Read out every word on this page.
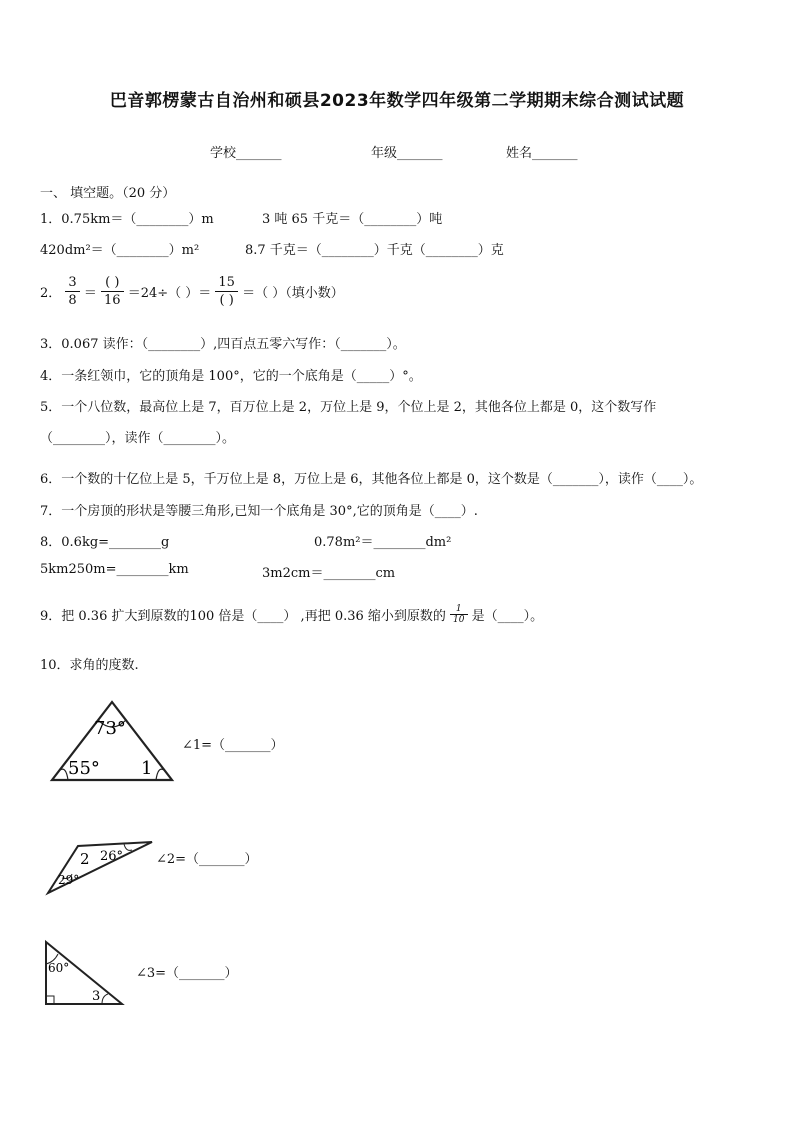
巴音郭楞蒙古自治州和硕县2023年数学四年级第二学期期末综合测试试题
学校_______	年级_______	姓名_______
一、 填空题。（20 分）
1．0.75km＝（________）m	3 吨 65 千克＝（________）吨
420dm²＝（________）m²	8.7 千克＝（________）千克（________）克
2． $\frac{3}{8} = \frac{( )}{16} =24\div$（ ）＝ $\frac{15}{( )}$ ＝（ ）（填小数）
3．0.067 读作：（________）,四百点五零六写作：（_______）。
4．一条红领巾，它的顶角是 100°，它的一个底角是（_____）°。
5．一个八位数，最高位上是 7，百万位上是 2，万位上是 9，个位上是 2，其他各位上都是 0，这个数写作
（________），读作（________）。
6．一个数的十亿位上是 5，千万位上是 8，万位上是 6，其他各位上都是 0，这个数是（_______），读作（____）。
7．一个房顶的形状是等腰三角形,已知一个底角是 30°,它的顶角是（____）.
8．0.6kg=________g	0.78m²＝________dm²
5km250m=________km	3m2cm＝________cm
9．把 0.36 扩大到原数的100 倍是（____） ,再把 0.36 缩小到原数的 $\frac{1}{10}$ 是（____）。
10．求角的度数.
73°
55° 1
∠1=（_______）
2 26°
29°
∠2=（_______）
60°
3
∠3=（_______）
